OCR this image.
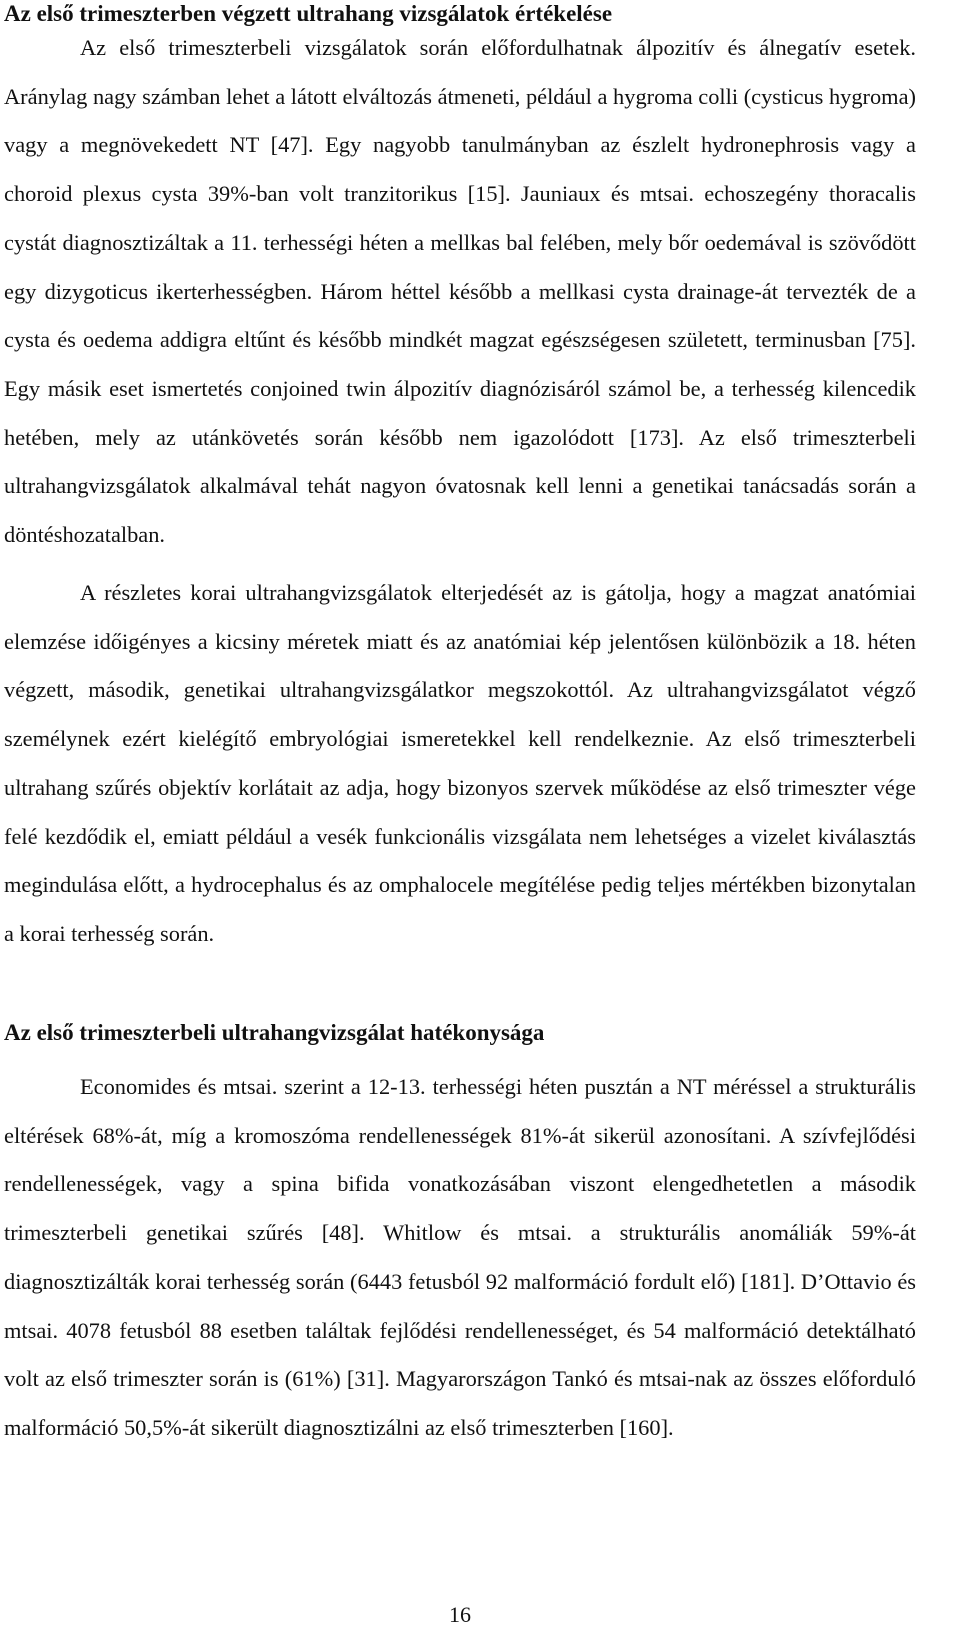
Az első trimeszterben végzett ultrahang vizsgálatok értékelése

Az első trimeszterbeli vizsgálatok során előfordulhatnak álpozitív és álnegatív esetek. Aránylag nagy számban lehet a látott elváltozás átmeneti, például a hygroma colli (cysticus hygroma) vagy a megnövekedett NT [47]. Egy nagyobb tanulmányban az észlelt hydronephrosis vagy a choroid plexus cysta 39%-ban volt tranzitorikus [15]. Jauniaux és mtsai. echoszegény thoracalis cystát diagnosztizáltak a 11. terhességi héten a mellkas bal felében, mely bőr oedemával is szövődött egy dizygoticus ikerterhességben. Három héttel később a mellkasi cysta drainage-át tervezték de a cysta és oedema addigra eltűnt és később mindkét magzat egészségesen született, terminusban [75]. Egy másik eset ismertetés conjoined twin álpozitív diagnózisáról számol be, a terhesség kilencedik hetében, mely az utánkövetés során később nem igazolódott [173]. Az első trimeszterbeli ultrahangvizsgálatok alkalmával tehát nagyon óvatosnak kell lenni a genetikai tanácsadás során a döntéshozatalban.

A részletes korai ultrahangvizsgálatok elterjedését az is gátolja, hogy a magzat anatómiai elemzése időigényes a kicsiny méretek miatt és az anatómiai kép jelentősen különbözik a 18. héten végzett, második, genetikai ultrahangvizsgálatkor megszokottól. Az ultrahangvizsgálatot végző személynek ezért kielégítő embryológiai ismeretekkel kell rendelkeznie. Az első trimeszterbeli ultrahang szűrés objektív korlátait az adja, hogy bizonyos szervek működése az első trimeszter vége felé kezdődik el, emiatt például a vesék funkcionális vizsgálata nem lehetséges a vizelet kiválasztás megindulása előtt, a hydrocephalus és az omphalocele megítélése pedig teljes mértékben bizonytalan a korai terhesség során.

Az első trimeszterbeli ultrahangvizsgálat hatékonysága

Economides és mtsai. szerint a 12-13. terhességi héten pusztán a NT méréssel a strukturális eltérések 68%-át, míg a kromoszóma rendellenességek 81%-át sikerül azonosítani. A szívfejlődési rendellenességek, vagy a spina bifida vonatkozásában viszont elengedhetetlen a második trimeszterbeli genetikai szűrés [48]. Whitlow és mtsai. a strukturális anomáliák 59%-át diagnosztizálták korai terhesség során (6443 fetusból 92 malformáció fordult elő) [181]. D’Ottavio és mtsai. 4078 fetusból 88 esetben találtak fejlődési rendellenességet, és 54 malformáció detektálható volt az első trimeszter során is (61%) [31]. Magyarországon Tankó és mtsai-nak az összes előforduló malformáció 50,5%-át sikerült diagnosztizálni az első trimeszterben [160].

16
